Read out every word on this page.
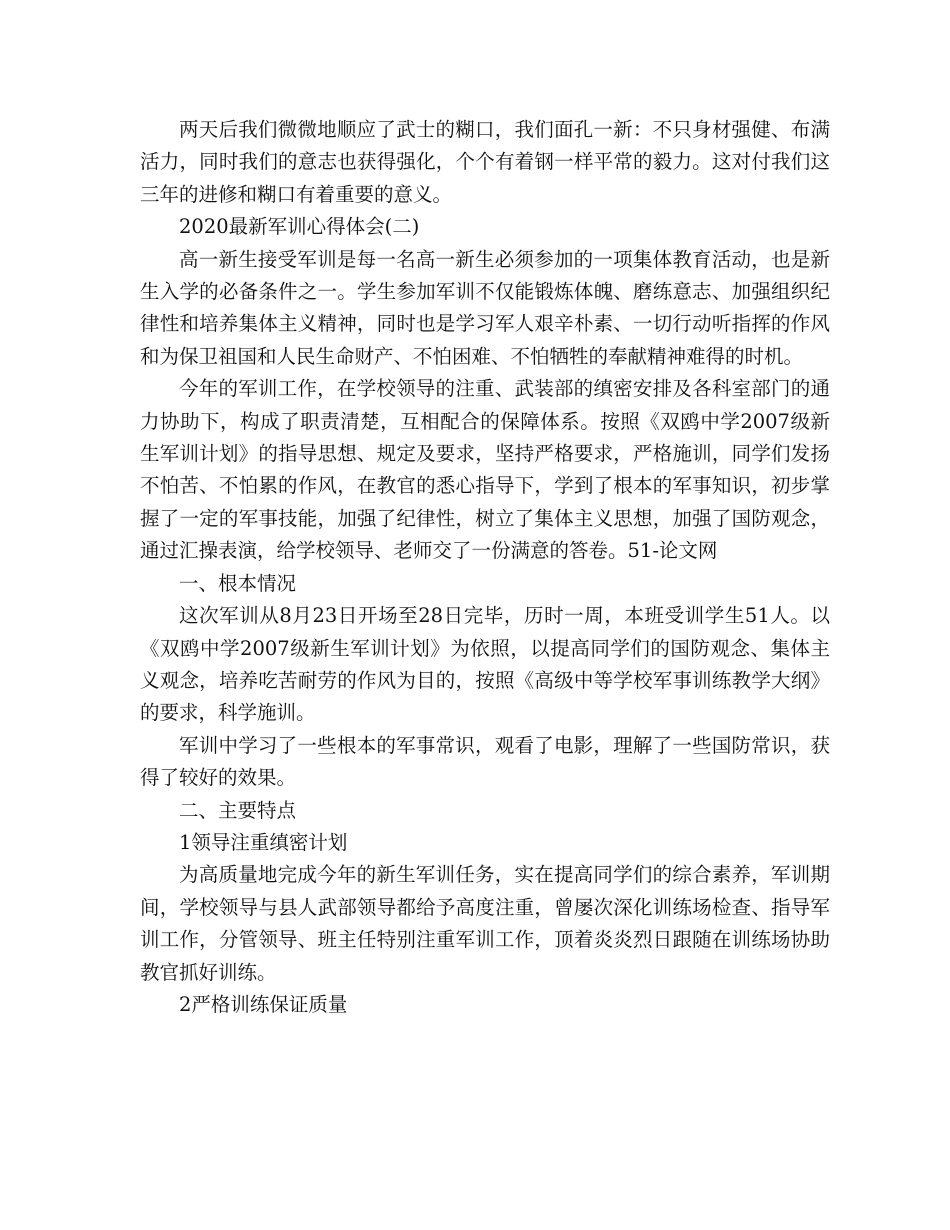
两天后我们微微地顺应了武士的糊口，我们面孔一新：不只身材强健、布满活力，同时我们的意志也获得强化，个个有着钢一样平常的毅力。这对付我们这三年的进修和糊口有着重要的意义。

2020最新军训心得体会(二)

高一新生接受军训是每一名高一新生必须参加的一项集体教育活动，也是新生入学的必备条件之一。学生参加军训不仅能锻炼体魄、磨练意志、加强组织纪律性和培养集体主义精神，同时也是学习军人艰辛朴素、一切行动听指挥的作风和为保卫祖国和人民生命财产、不怕困难、不怕牺牲的奉献精神难得的时机。

今年的军训工作，在学校领导的注重、武装部的缜密安排及各科室部门的通力协助下，构成了职责清楚，互相配合的保障体系。按照《双鸥中学2007级新生军训计划》的指导思想、规定及要求，坚持严格要求，严格施训，同学们发扬不怕苦、不怕累的作风，在教官的悉心指导下，学到了根本的军事知识，初步掌握了一定的军事技能，加强了纪律性，树立了集体主义思想，加强了国防观念，通过汇操表演，给学校领导、老师交了一份满意的答卷。51-论文网

一、根本情况

这次军训从8月23日开场至28日完毕，历时一周，本班受训学生51人。以《双鸥中学2007级新生军训计划》为依照，以提高同学们的国防观念、集体主义观念，培养吃苦耐劳的作风为目的，按照《高级中等学校军事训练教学大纲》的要求，科学施训。

军训中学习了一些根本的军事常识，观看了电影，理解了一些国防常识，获得了较好的效果。

二、主要特点

1领导注重缜密计划

为高质量地完成今年的新生军训任务，实在提高同学们的综合素养，军训期间，学校领导与县人武部领导都给予高度注重，曾屡次深化训练场检查、指导军训工作，分管领导、班主任特别注重军训工作，顶着炎炎烈日跟随在训练场协助教官抓好训练。

2严格训练保证质量
